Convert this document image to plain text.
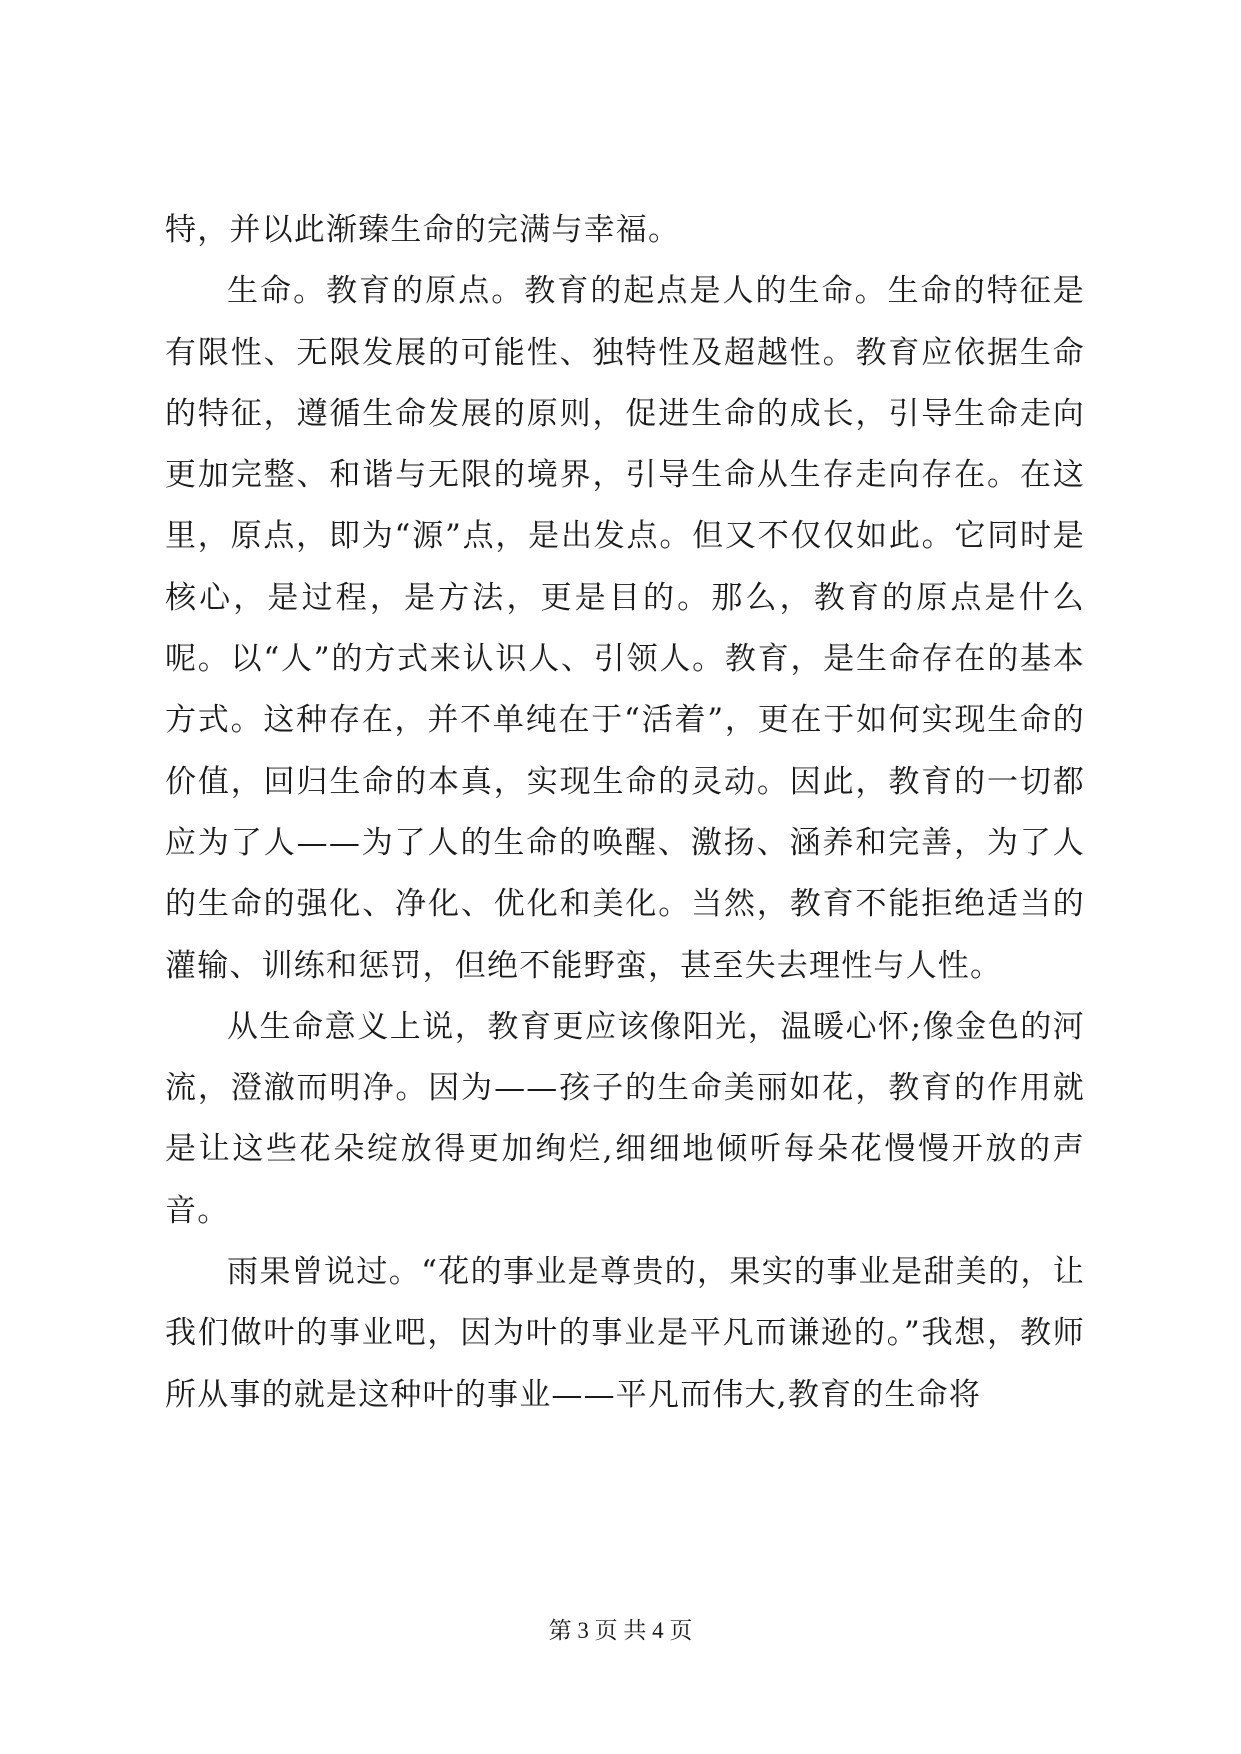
特，并以此渐臻生命的完满与幸福。

生命。教育的原点。教育的起点是人的生命。生命的特征是有限性、无限发展的可能性、独特性及超越性。教育应依据生命的特征，遵循生命发展的原则，促进生命的成长，引导生命走向更加完整、和谐与无限的境界，引导生命从生存走向存在。在这里，原点，即为“源”点，是出发点。但又不仅仅如此。它同时是核心，是过程，是方法，更是目的。那么，教育的原点是什么呢。以“人”的方式来认识人、引领人。教育，是生命存在的基本方式。这种存在，并不单纯在于“活着”，更在于如何实现生命的价值，回归生命的本真，实现生命的灵动。因此，教育的一切都应为了人——为了人的生命的唤醒、激扬、涵养和完善，为了人的生命的强化、净化、优化和美化。当然，教育不能拒绝适当的灌输、训练和惩罚，但绝不能野蛮，甚至失去理性与人性。

从生命意义上说，教育更应该像阳光，温暖心怀;像金色的河流，澄澈而明净。因为——孩子的生命美丽如花，教育的作用就是让这些花朵绽放得更加绚烂,细细地倾听每朵花慢慢开放的声音。

雨果曾说过。“花的事业是尊贵的，果实的事业是甜美的，让我们做叶的事业吧，因为叶的事业是平凡而谦逊的。”我想，教师所从事的就是这种叶的事业——平凡而伟大,教育的生命将

第 3 页 共 4 页
